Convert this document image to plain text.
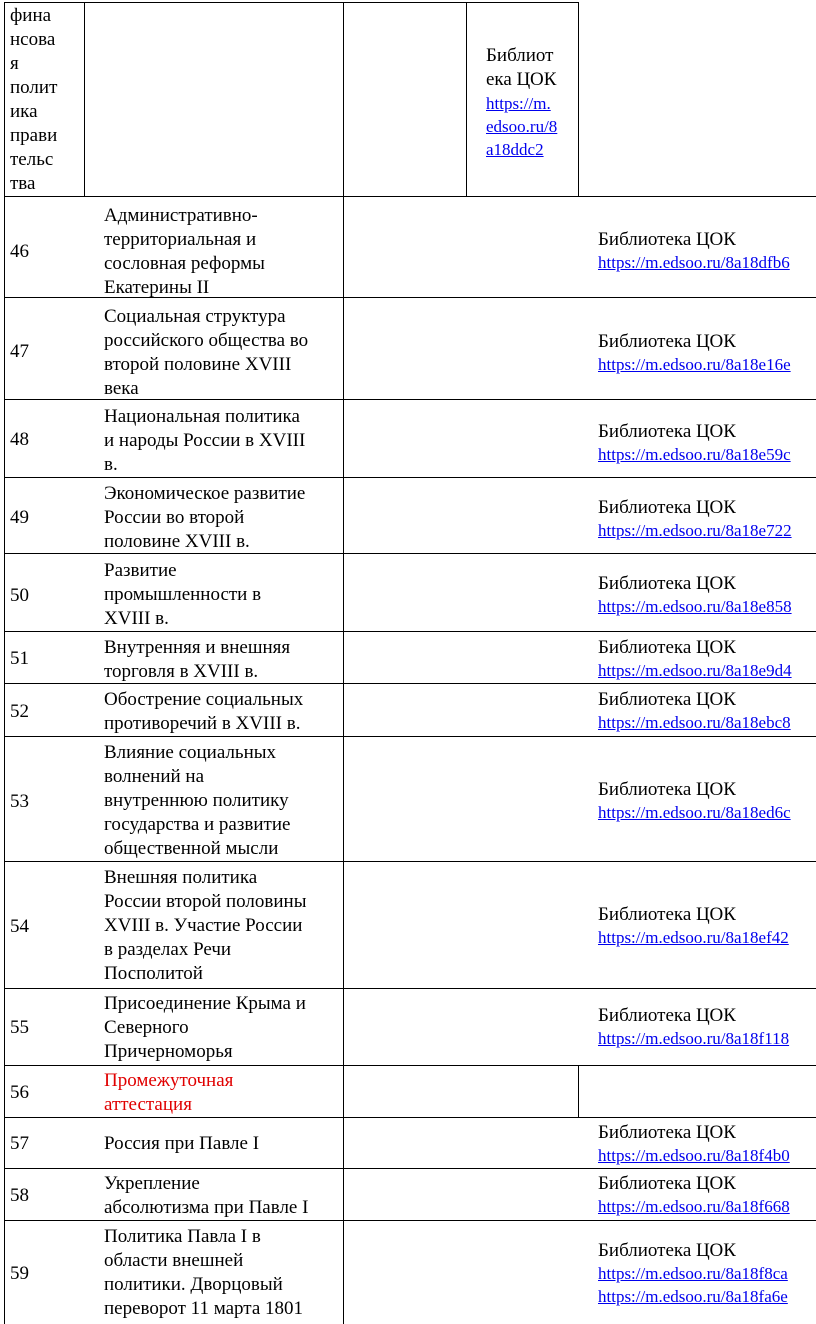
фина
нсова
я
полит
ика
прави
тельс
тва
Библиот
ека ЦОК
https://m.
edsoo.ru/8
a18ddc2
46
Административно-
территориальная и
сословная реформы
Екатерины II
Библиотека ЦОК
https://m.edsoo.ru/8a18dfb6
47
Социальная структура
российского общества во
второй половине XVIII
века
Библиотека ЦОК
https://m.edsoo.ru/8a18e16e
48
Национальная политика
и народы России в XVIII
в.
Библиотека ЦОК
https://m.edsoo.ru/8a18e59c
49
Экономическое развитие
России во второй
половине XVIII в.
Библиотека ЦОК
https://m.edsoo.ru/8a18e722
50
Развитие
промышленности в
XVIII в.
Библиотека ЦОК
https://m.edsoo.ru/8a18e858
51
Внутренняя и внешняя
торговля в XVIII в.
Библиотека ЦОК
https://m.edsoo.ru/8a18e9d4
52
Обострение социальных
противоречий в XVIII в.
Библиотека ЦОК
https://m.edsoo.ru/8a18ebc8
53
Влияние социальных
волнений на
внутреннюю политику
государства и развитие
общественной мысли
Библиотека ЦОК
https://m.edsoo.ru/8a18ed6c
54
Внешняя политика
России второй половины
XVIII в. Участие России
в разделах Речи
Посполитой
Библиотека ЦОК
https://m.edsoo.ru/8a18ef42
55
Присоединение Крыма и
Северного
Причерноморья
Библиотека ЦОК
https://m.edsoo.ru/8a18f118
56
Промежуточная
аттестация
57	Россия при Павле I
Библиотека ЦОК
https://m.edsoo.ru/8a18f4b0
58
Укрепление
абсолютизма при Павле I
Библиотека ЦОК
https://m.edsoo.ru/8a18f668
59
Политика Павла I в
области внешней
политики. Дворцовый
переворот 11 марта 1801
Библиотека ЦОК
https://m.edsoo.ru/8a18f8ca
https://m.edsoo.ru/8a18fa6e
